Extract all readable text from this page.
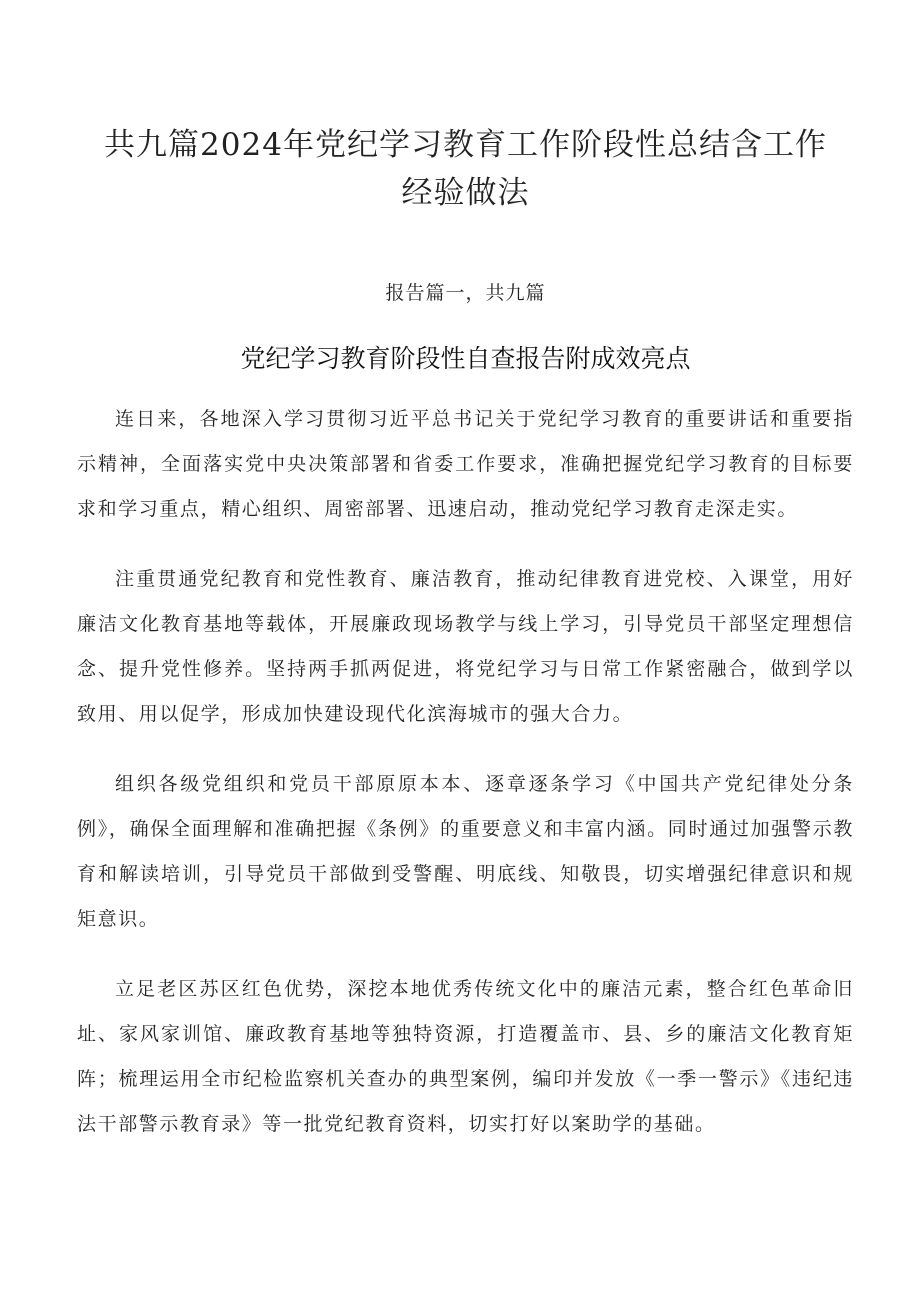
共九篇2024年党纪学习教育工作阶段性总结含工作
经验做法

报告篇一，共九篇

党纪学习教育阶段性自查报告附成效亮点

连日来，各地深入学习贯彻习近平总书记关于党纪学习教育的重要讲话和重要指示精神，全面落实党中央决策部署和省委工作要求，准确把握党纪学习教育的目标要求和学习重点，精心组织、周密部署、迅速启动，推动党纪学习教育走深走实。

注重贯通党纪教育和党性教育、廉洁教育，推动纪律教育进党校、入课堂，用好廉洁文化教育基地等载体，开展廉政现场教学与线上学习，引导党员干部坚定理想信念、提升党性修养。坚持两手抓两促进，将党纪学习与日常工作紧密融合，做到学以致用、用以促学，形成加快建设现代化滨海城市的强大合力。

组织各级党组织和党员干部原原本本、逐章逐条学习《中国共产党纪律处分条例》，确保全面理解和准确把握《条例》的重要意义和丰富内涵。同时通过加强警示教育和解读培训，引导党员干部做到受警醒、明底线、知敬畏，切实增强纪律意识和规矩意识。

立足老区苏区红色优势，深挖本地优秀传统文化中的廉洁元素，整合红色革命旧址、家风家训馆、廉政教育基地等独特资源，打造覆盖市、县、乡的廉洁文化教育矩阵；梳理运用全市纪检监察机关查办的典型案例，编印并发放《一季一警示》《违纪违法干部警示教育录》等一批党纪教育资料，切实打好以案助学的基础。
